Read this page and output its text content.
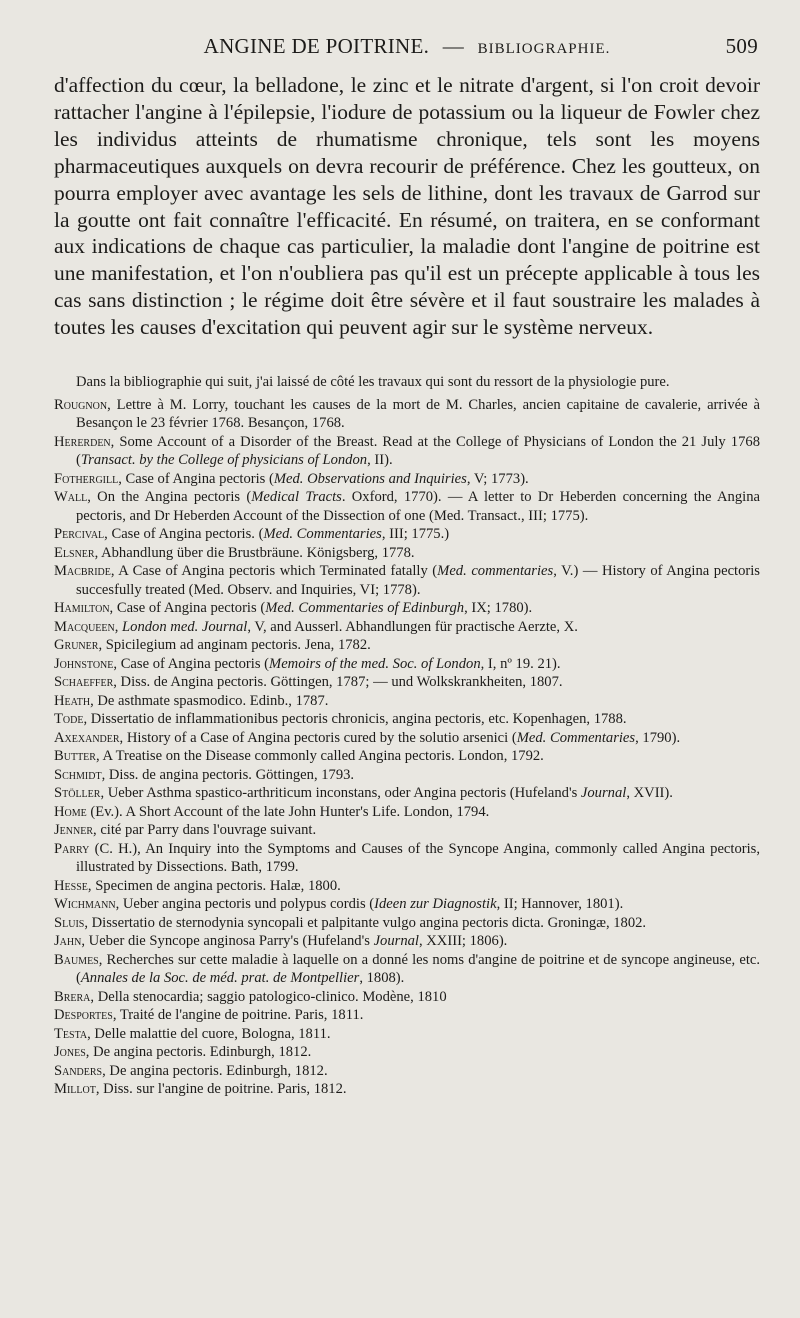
ANGINE DE POITRINE. — BIBLIOGRAPHIE.	509

d'affection du cœur, la belladone, le zinc et le nitrate d'argent, si l'on croit devoir rattacher l'angine à l'épilepsie, l'iodure de potassium ou la liqueur de Fowler chez les individus atteints de rhumatisme chronique, tels sont les moyens pharmaceutiques auxquels on devra recourir de préférence. Chez les goutteux, on pourra employer avec avantage les sels de lithine, dont les travaux de Garrod sur la goutte ont fait connaître l'efficacité. En résumé, on traitera, en se conformant aux indications de chaque cas particulier, la maladie dont l'angine de poitrine est une manifestation, et l'on n'oubliera pas qu'il est un précepte applicable à tous les cas sans distinction ; le régime doit être sévère et il faut soustraire les malades à toutes les causes d'excitation qui peuvent agir sur le système nerveux.

Dans la bibliographie qui suit, j'ai laissé de côté les travaux qui sont du ressort de la physiologie pure.

Rougnon, Lettre à M. Lorry, touchant les causes de la mort de M. Charles, ancien capitaine de cavalerie, arrivée à Besançon le 23 février 1768. Besançon, 1768.

Hererden, Some Account of a Disorder of the Breast. Read at the College of Physicians of London the 21 July 1768 (Transact. by the College of physicians of London, II).

Fothergill, Case of Angina pectoris (Med. Observations and Inquiries, V; 1773).

Wall, On the Angina pectoris (Medical Tracts. Oxford, 1770). — A letter to Dr Heberden concerning the Angina pectoris, and Dr Heberden Account of the Dissection of one (Med. Transact., III; 1775).

Percival, Case of Angina pectoris. (Med. Commentaries, III; 1775.)

Elsner, Abhandlung über die Brustbräune. Königsberg, 1778.

Macbride, A Case of Angina pectoris which Terminated fatally (Med. commentaries, V.) — History of Angina pectoris succesfully treated (Med. Observ. and Inquiries, VI; 1778).

Hamilton, Case of Angina pectoris (Med. Commentaries of Edinburgh, IX; 1780).

Macqueen, London med. Journal, V, and Ausserl. Abhandlungen für practische Aerzte, X.

Gruner, Spicilegium ad anginam pectoris. Jena, 1782.

Johnstone, Case of Angina pectoris (Memoirs of the med. Soc. of London, I, nº 19. 21).

Schaeffer, Diss. de Angina pectoris. Göttingen, 1787; — und Wolkskrankheiten, 1807.

Heath, De asthmate spasmodico. Edinb., 1787.

Tode, Dissertatio de inflammationibus pectoris chronicis, angina pectoris, etc. Kopenhagen, 1788.

Axexander, History of a Case of Angina pectoris cured by the solutio arsenici (Med. Commentaries, 1790).

Butter, A Treatise on the Disease commonly called Angina pectoris. London, 1792.

Schmidt, Diss. de angina pectoris. Göttingen, 1793.

Stöller, Ueber Asthma spastico-arthriticum inconstans, oder Angina pectoris (Hufeland's Journal, XVII).

Home (Ev.). A Short Account of the late John Hunter's Life. London, 1794.

Jenner, cité par Parry dans l'ouvrage suivant.

Parry (C. H.), An Inquiry into the Symptoms and Causes of the Syncope Angina, commonly called Angina pectoris, illustrated by Dissections. Bath, 1799.

Hesse, Specimen de angina pectoris. Halæ, 1800.

Wichmann, Ueber angina pectoris und polypus cordis (Ideen zur Diagnostik, II; Hannover, 1801).

Sluis, Dissertatio de sternodynia syncopali et palpitante vulgo angina pectoris dicta. Groningæ, 1802.

Jahn, Ueber die Syncope anginosa Parry's (Hufeland's Journal, XXIII; 1806).

Baumes, Recherches sur cette maladie à laquelle on a donné les noms d'angine de poitrine et de syncope angineuse, etc. (Annales de la Soc. de méd. prat. de Montpellier, 1808).

Brera, Della stenocardia; saggio patologico-clinico. Modène, 1810

Desportes, Traité de l'angine de poitrine. Paris, 1811.

Testa, Delle malattie del cuore, Bologna, 1811.

Jones, De angina pectoris. Edinburgh, 1812.

Sanders, De angina pectoris. Edinburgh, 1812.

Millot, Diss. sur l'angine de poitrine. Paris, 1812.
